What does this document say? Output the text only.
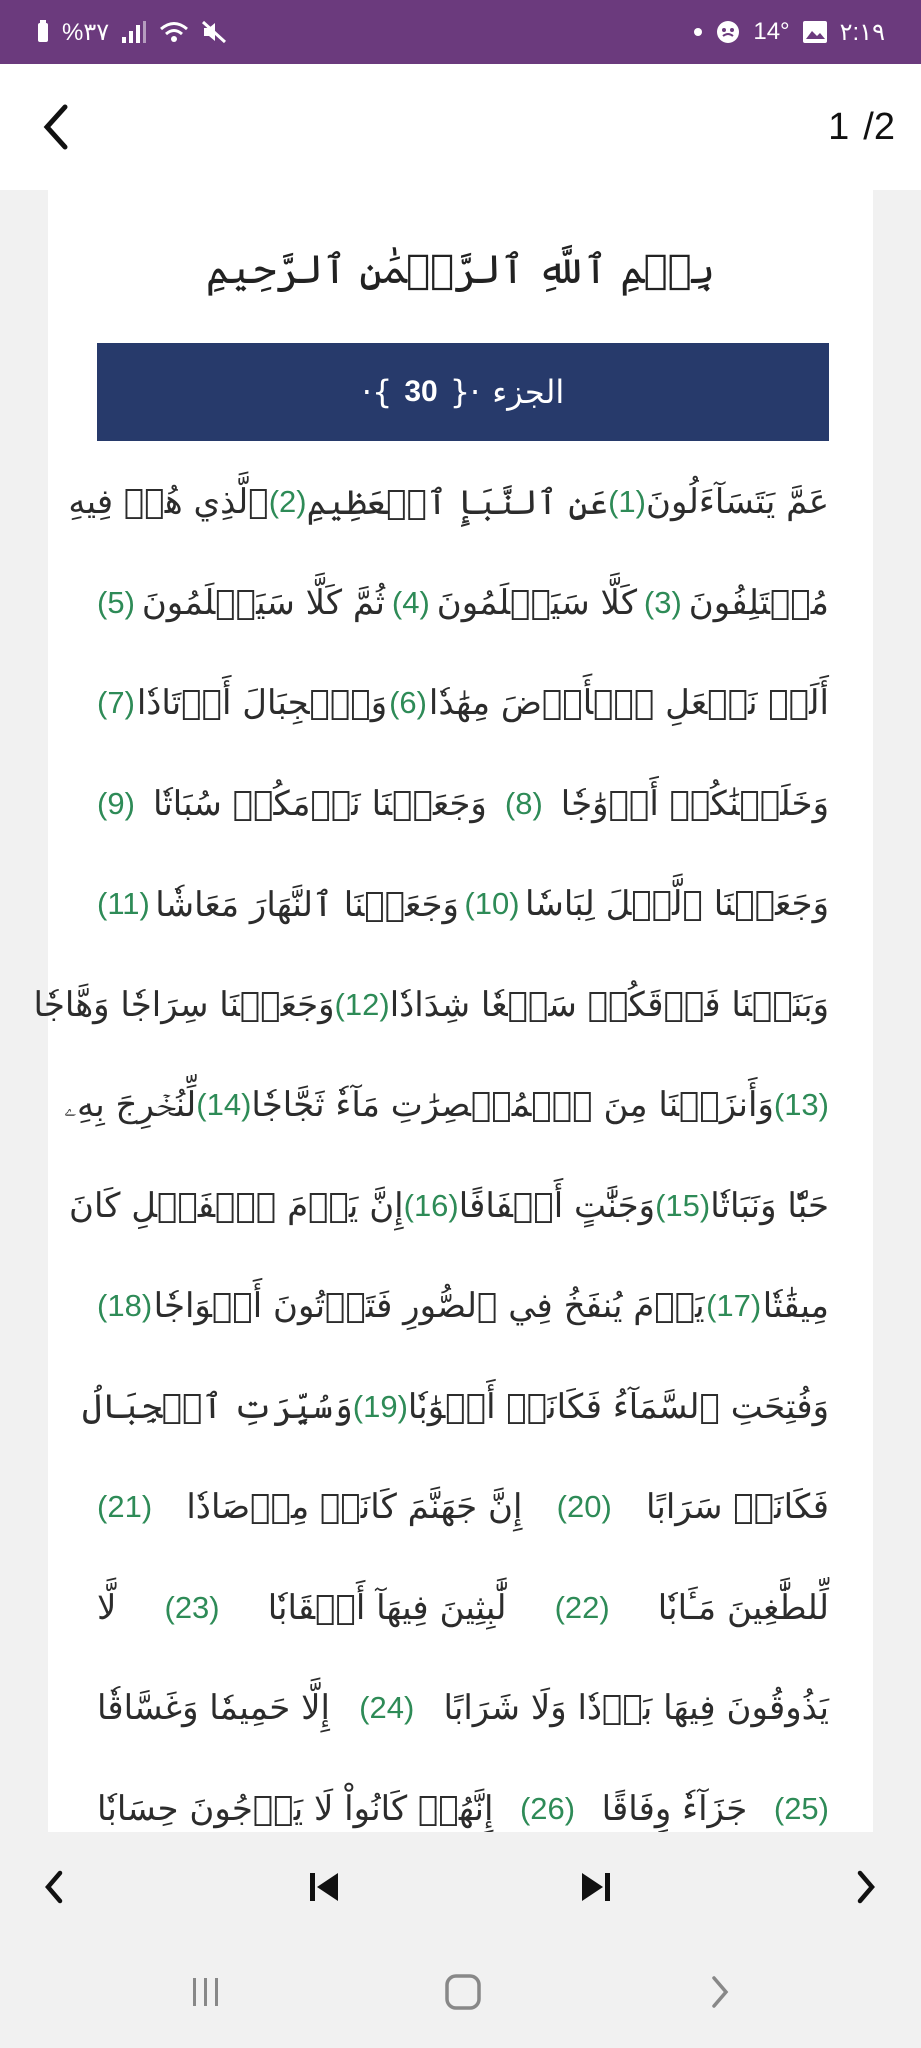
%٣٧	14° ٢:١٩
1 /2
بِسۡمِ ٱللَّهِ ٱلرَّحۡمَٰنِ ٱلرَّحِيمِ
الجزء
·{
30
}·
عَمَّ يَتَسَآءَلُونَ
(1)
عَنِ ٱلنَّبَإِ ٱلۡعَظِيمِ
(2)
ٱلَّذِي هُمۡ فِيهِ
مُخۡتَلِفُونَ
(3)
كَلَّا سَيَعۡلَمُونَ
(4)
ثُمَّ كَلَّا سَيَعۡلَمُونَ
(5)
أَلَمۡ نَجۡعَلِ ٱلۡأَرۡضَ مِهَٰدٗا
(6)
وَٱلۡجِبَالَ أَوۡتَادٗا
(7)
وَخَلَقۡنَٰكُمۡ أَزۡوَٰجٗا
(8)
وَجَعَلۡنَا نَوۡمَكُمۡ سُبَاتٗا
(9)
وَجَعَلۡنَا ٱلَّيۡلَ لِبَاسٗا
(10)
وَجَعَلۡنَا ٱلنَّهَارَ مَعَاشٗا
(11)
وَبَنَيۡنَا فَوۡقَكُمۡ سَبۡعٗا شِدَادٗا
(12)
وَجَعَلۡنَا سِرَاجٗا وَهَّاجٗا
(13)
وَأَنزَلۡنَا مِنَ ٱلۡمُعۡصِرَٰتِ مَآءٗ ثَجَّاجٗا
(14)
لِّنُخۡرِجَ بِهِۦ
حَبّٗا وَنَبَاتٗا
(15)
وَجَنَّٰتٍ أَلۡفَافًا
(16)
إِنَّ يَوۡمَ ٱلۡفَصۡلِ كَانَ
مِيقَٰتٗا
(17)
يَوۡمَ يُنفَخُ فِي ٱلصُّورِ فَتَأۡتُونَ أَفۡوَاجٗا
(18)
وَفُتِحَتِ ٱلسَّمَآءُ فَكَانَتۡ أَبۡوَٰبٗا
(19)
وَسُيِّرَتِ ٱلۡجِبَالُ
فَكَانَتۡ سَرَابًا
(20)
إِنَّ جَهَنَّمَ كَانَتۡ مِرۡصَادٗا
(21)
لِّلطَّٰغِينَ مَـَٔابٗا
(22)
لَّٰبِثِينَ فِيهَآ أَحۡقَابٗا
(23)
لَّا
يَذُوقُونَ فِيهَا بَرۡدٗا وَلَا شَرَابًا
(24)
إِلَّا حَمِيمٗا وَغَسَّاقٗا
(25)
جَزَآءٗ وِفَاقًا
(26)
إِنَّهُمۡ كَانُواْ لَا يَرۡجُونَ حِسَابٗا
